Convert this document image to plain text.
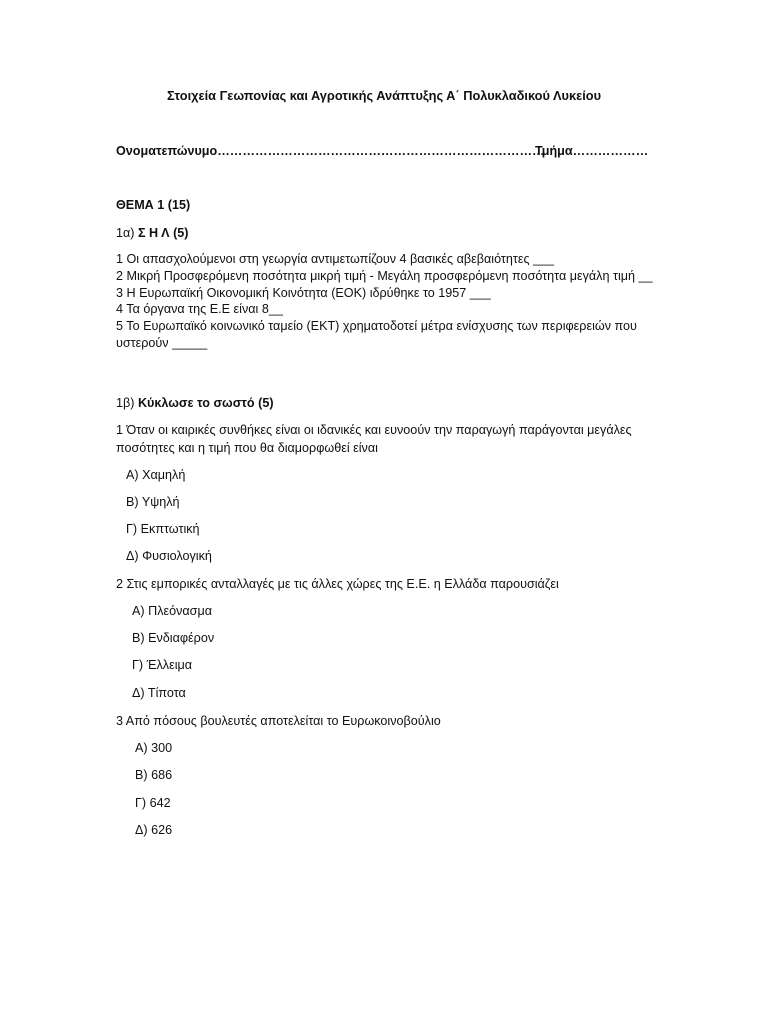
Στοιχεία Γεωπονίας και Αγροτικής Ανάπτυξης Α΄ Πολυκλαδικού Λυκείου
Ονοματεπώνυμο……………………………………………………………………
Τμήμα………………
ΘΕΜΑ 1 (15)
1α) Σ Η Λ (5)
1 Οι απασχολούμενοι στη γεωργία αντιμετωπίζουν 4 βασικές αβεβαιότητες ___
2 Μικρή Προσφερόμενη ποσότητα μικρή τιμή - Μεγάλη προσφερόμενη ποσότητα μεγάλη τιμή __
3 Η Ευρωπαϊκή Οικονομική Κοινότητα (ΕΟΚ) ιδρύθηκε το 1957 ___
4 Τα όργανα της Ε.Ε είναι 8__
5 Το Ευρωπαϊκό κοινωνικό ταμείο (ΕΚΤ) χρηματοδοτεί μέτρα ενίσχυσης των περιφερειών που υστερούν _____
1β) Κύκλωσε το σωστό (5)
1 Όταν οι καιρικές συνθήκες είναι οι ιδανικές και ευνοούν την παραγωγή παράγονται μεγάλες ποσότητες και η τιμή που θα διαμορφωθεί είναι
Α) Χαμηλή
Β) Υψηλή
Γ) Εκπτωτική
Δ) Φυσιολογική
2 Στις εμπορικές ανταλλαγές με τις άλλες χώρες της Ε.Ε. η Ελλάδα παρουσιάζει
Α) Πλεόνασμα
Β) Ενδιαφέρον
Γ) Έλλειμα
Δ) Τίποτα
3 Από πόσους βουλευτές αποτελείται το Ευρωκοινοβούλιο
Α) 300
Β) 686
Γ) 642
Δ) 626
